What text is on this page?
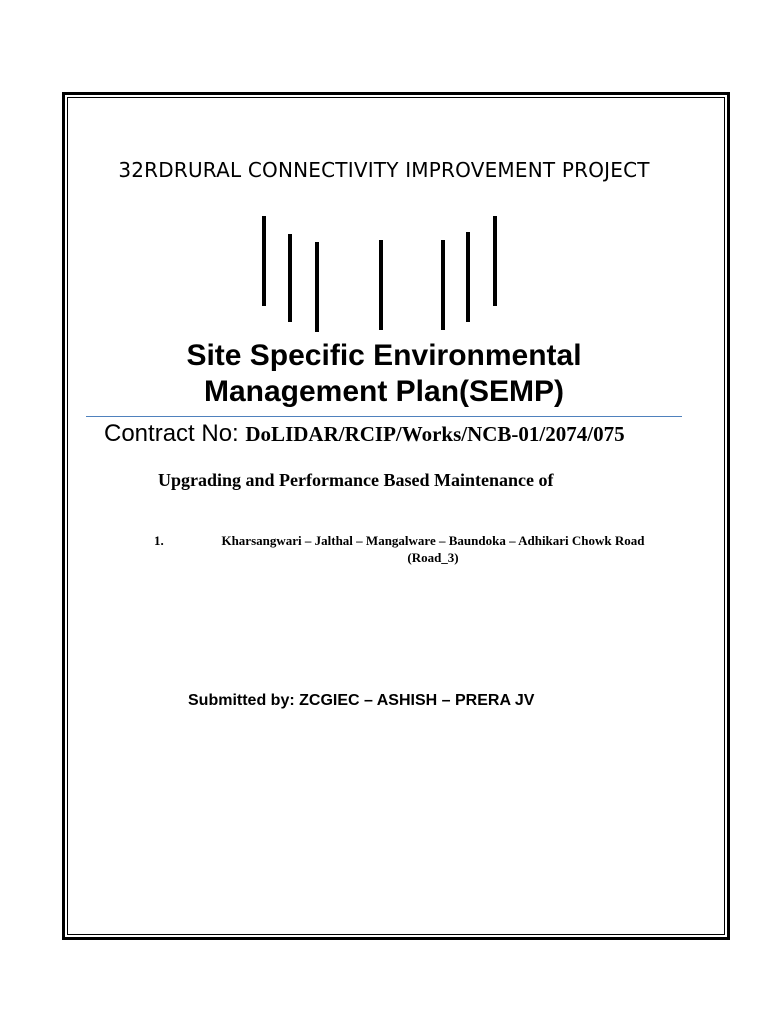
32RDRURAL CONNECTIVITY IMPROVEMENT PROJECT
Site Specific Environmental
Management Plan(SEMP)
Contract No: DoLIDAR/RCIP/Works/NCB-01/2074/075
Upgrading and Performance Based Maintenance of
1.	Kharsangwari – Jalthal – Mangalware – Baundoka – Adhikari Chowk Road (Road_3)
Submitted by: ZCGIEC – ASHISH – PRERA JV
